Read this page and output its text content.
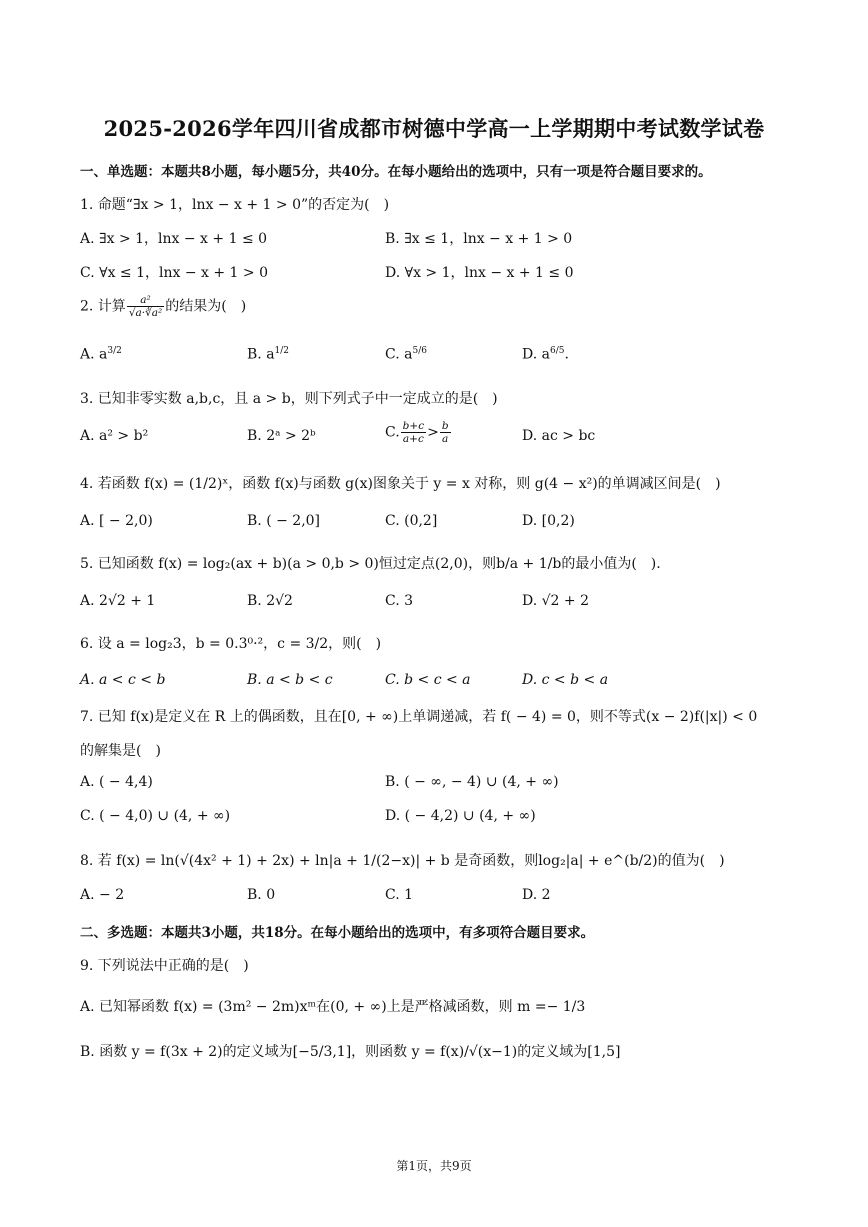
2025-2026学年四川省成都市树德中学高一上学期期中考试数学试卷
一、单选题：本题共8小题，每小题5分，共40分。在每小题给出的选项中，只有一项是符合题目要求的。
1. 命题“∃x > 1，lnx − x + 1 > 0”的否定为(　)
A. ∃x > 1，lnx − x + 1 ≤ 0	B. ∃x ≤ 1，lnx − x + 1 > 0
C. ∀x ≤ 1，lnx − x + 1 > 0	D. ∀x > 1，lnx − x + 1 ≤ 0
2. 计算 $\frac{\text{a²}}{\text{√a·∛a²}}$ 的结果为(　)
A. $a^{3/2}$	B. $a^{1/2}$	C. $a^{5/6}$	D. $a^{6/5}$.
3. 已知非零实数 a,b,c，且 a > b，则下列式子中一定成立的是(　)
A. a² > b²	B. 2ᵃ > 2ᵇ	C. $\frac{b+c}{a+c} > \frac{b}{a}$	D. ac > bc
4. 若函数 f(x) = (1/2)ˣ，函数 f(x)与函数 g(x)图象关于 y = x 对称，则 g(4 − x²)的单调减区间是(　)
A. [ − 2,0)	B. ( − 2,0]	C. (0,2]	D. [0,2)
5. 已知函数 f(x) = log₂(ax + b)(a > 0,b > 0)恒过定点(2,0)，则b/a + 1/b的最小值为(　).
A. 2√2 + 1	B. 2√2	C. 3	D. √2 + 2
6. 设 a = log₂3，b = 0.3⁰·²，c = 3/2，则(　)
A. a < c < b	B. a < b < c	C. b < c < a	D. c < b < a
7. 已知 f(x)是定义在 R 上的偶函数，且在[0, + ∞)上单调递减，若 f( − 4) = 0，则不等式(x − 2)f(|x|) < 0
的解集是(　)
A. ( − 4,4)	B. ( − ∞, − 4) ∪ (4, + ∞)
C. ( − 4,0) ∪ (4, + ∞)	D. ( − 4,2) ∪ (4, + ∞)
8. 若 f(x) = ln(√(4x² + 1) + 2x) + ln|a + 1/(2−x)| + b 是奇函数，则log₂|a| + e^(b/2)的值为(　)
A. − 2	B. 0	C. 1	D. 2
二、多选题：本题共3小题，共18分。在每小题给出的选项中，有多项符合题目要求。
9. 下列说法中正确的是(　)
A. 已知幂函数 f(x) = (3m² − 2m)xᵐ在(0, + ∞)上是严格减函数，则 m =− 1/3
B. 函数 y = f(3x + 2)的定义域为[−5/3,1]，则函数 y = f(x)/√(x−1)的定义域为[1,5]
第1页，共9页
